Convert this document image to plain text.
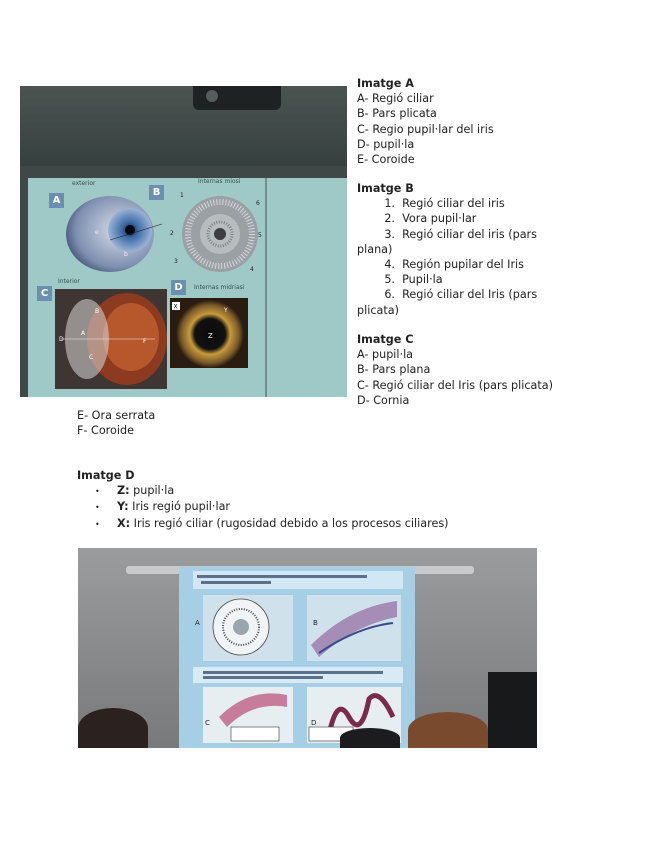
exterior
A
e
b
Internas miosi
B	1
6
2	5
3
4
Interior
C
B
A
F
C
D
Internas midriasi
D
X	Y
Z
Imatge A
A- Regió ciliar
B- Pars plicata
C- Regio pupil·lar del iris
D- pupil·la
E- Coroide
Imatge B
1. Regió ciliar del iris
2. Vora pupil·lar
3. Regió ciliar del iris (pars
plana)
4. Región pupilar del Iris
5. Pupil·la
6. Regió ciliar del Iris (pars
plicata)
Imatge C
A- pupil·la
B- Pars plana
C- Regió ciliar del Iris (pars plicata)
D- Cornia
E- Ora serrata
F- Coroide
Imatge D
• Z: pupil·la
• Y: Iris regió pupil·lar
• X: Iris regió ciliar (rugosidad debido a los procesos ciliares)
A	B
C	D
